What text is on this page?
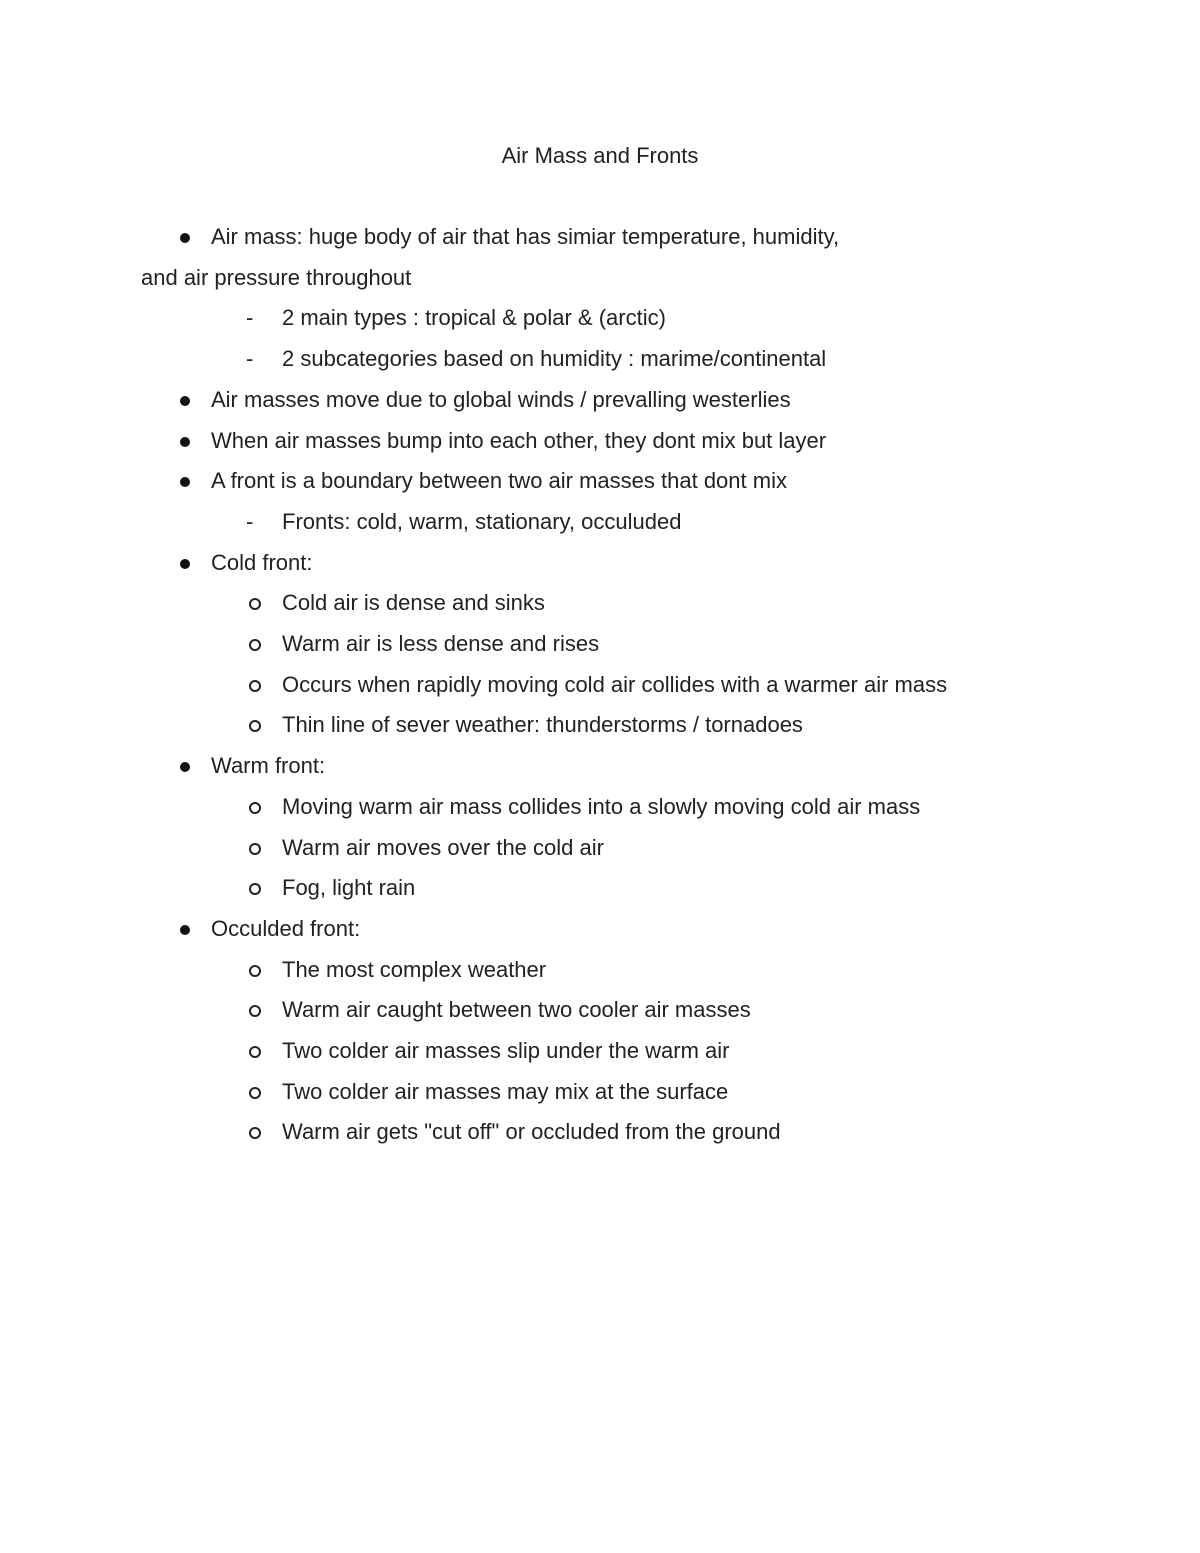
Air Mass and Fronts
Air mass: huge body of air that has simiar temperature, humidity,
and air pressure throughout
2 main types : tropical & polar & (arctic)
-
2 subcategories based on humidity : marime/continental
-
Air masses move due to global winds / prevalling westerlies
When air masses bump into each other, they dont mix but layer
A front is a boundary between two air masses that dont mix
Fronts: cold, warm, stationary, occuluded
-
Cold front:
Cold air is dense and sinks
Warm air is less dense and rises
Occurs when rapidly moving cold air collides with a warmer air mass
Thin line of sever weather: thunderstorms / tornadoes
Warm front:
Moving warm air mass collides into a slowly moving cold air mass
Warm air moves over the cold air
Fog, light rain
Occulded front:
The most complex weather
Warm air caught between two cooler air masses
Two colder air masses slip under the warm air
Two colder air masses may mix at the surface
Warm air gets "cut off" or occluded from the ground
